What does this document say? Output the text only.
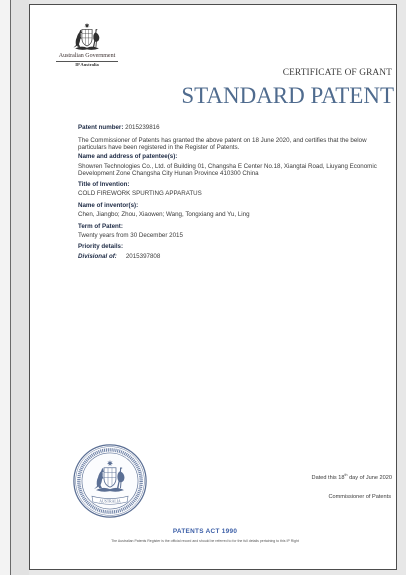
Australian Government
IP Australia
CERTIFICATE OF GRANT
STANDARD PATENT
Patent number: 2015239816
The Commissioner of Patents has granted the above patent on 18 June 2020, and certifies that the below particulars have been registered in the Register of Patents.
Name and address of patentee(s):
Showren Technologies Co., Ltd. of Building 01, Changsha E Center No.18, Xiangtai Road, Liuyang Economic Development Zone Changsha City Hunan Province 410300 China
Title of Invention:
COLD FIREWORK SPURTING APPARATUS
Name of inventor(s):
Chen, Jiangbo; Zhou, Xiaowen; Wang, Tongxiang and Yu, Ling
Term of Patent:
Twenty years from 30 December 2015
Priority details:
Divisional of: 2015397808
AUSTRALIA
Dated this 18th day of June 2020
Commissioner of Patents
PATENTS ACT 1990
The Australian Patents Register is the official record and should be referred to for the full details pertaining to this IP Right
